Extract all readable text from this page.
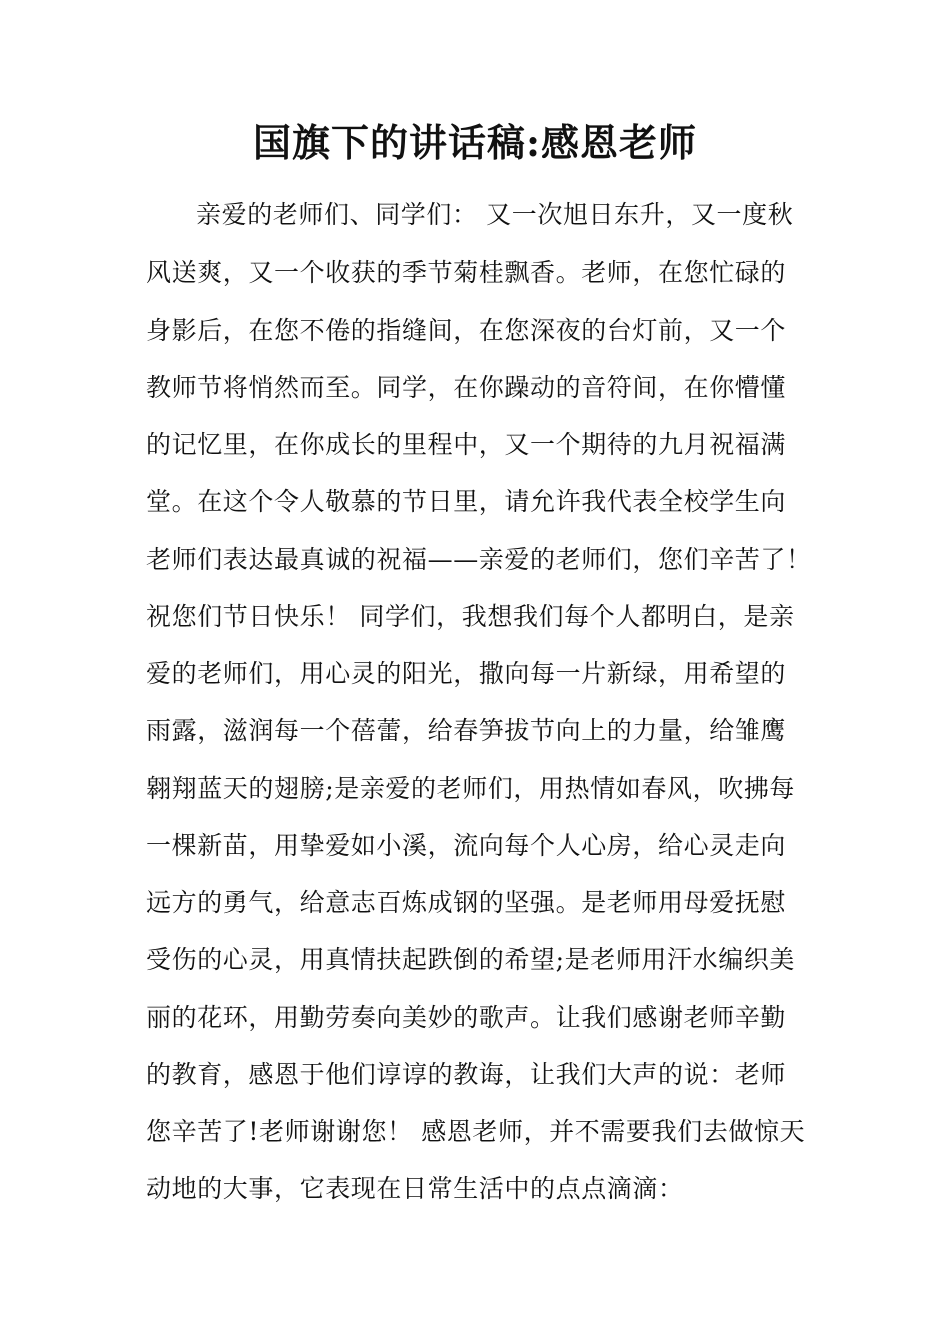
国旗下的讲话稿:感恩老师
亲爱的老师们、同学们： 又一次旭日东升，又一度秋
风送爽，又一个收获的季节菊桂飘香。老师，在您忙碌的
身影后，在您不倦的指缝间，在您深夜的台灯前，又一个
教师节将悄然而至。同学，在你躁动的音符间，在你懵懂
的记忆里，在你成长的里程中，又一个期待的九月祝福满
堂。在这个令人敬慕的节日里，请允许我代表全校学生向
老师们表达最真诚的祝福——亲爱的老师们，您们辛苦了！
祝您们节日快乐！ 同学们，我想我们每个人都明白，是亲
爱的老师们，用心灵的阳光，撒向每一片新绿，用希望的
雨露，滋润每一个蓓蕾，给春笋拔节向上的力量，给雏鹰
翱翔蓝天的翅膀;是亲爱的老师们，用热情如春风，吹拂每
一棵新苗，用挚爱如小溪，流向每个人心房，给心灵走向
远方的勇气，给意志百炼成钢的坚强。是老师用母爱抚慰
受伤的心灵，用真情扶起跌倒的希望;是老师用汗水编织美
丽的花环，用勤劳奏向美妙的歌声。让我们感谢老师辛勤
的教育，感恩于他们谆谆的教诲，让我们大声的说：老师
您辛苦了!老师谢谢您！ 感恩老师，并不需要我们去做惊天
动地的大事，它表现在日常生活中的点点滴滴：
